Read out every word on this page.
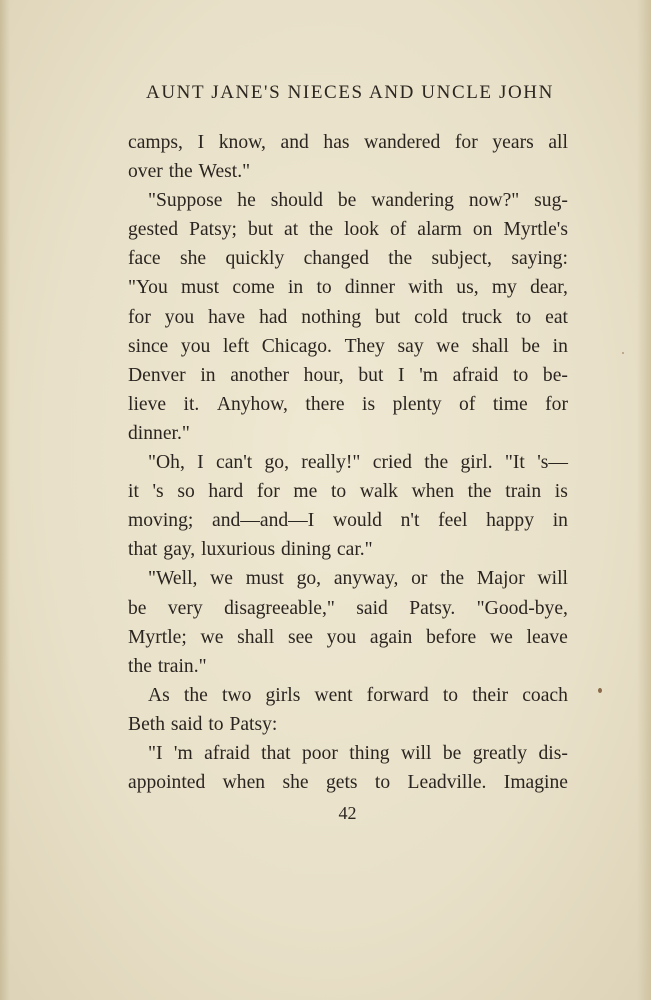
AUNT JANE'S NIECES AND UNCLE JOHN
camps, I know, and has wandered for years all
over the West."
"Suppose he should be wandering now?" sug-
gested Patsy; but at the look of alarm on Myrtle's
face she quickly changed the subject, saying:
"You must come in to dinner with us, my dear,
for you have had nothing but cold truck to eat
since you left Chicago. They say we shall be in
Denver in another hour, but I 'm afraid to be-
lieve it. Anyhow, there is plenty of time for
dinner."
"Oh, I can't go, really!" cried the girl. "It 's—
it 's so hard for me to walk when the train is
moving; and—and—I would n't feel happy in
that gay, luxurious dining car."
"Well, we must go, anyway, or the Major will
be very disagreeable," said Patsy. "Good-bye,
Myrtle; we shall see you again before we leave
the train."
As the two girls went forward to their coach
Beth said to Patsy:
"I 'm afraid that poor thing will be greatly dis-
appointed when she gets to Leadville. Imagine
42
